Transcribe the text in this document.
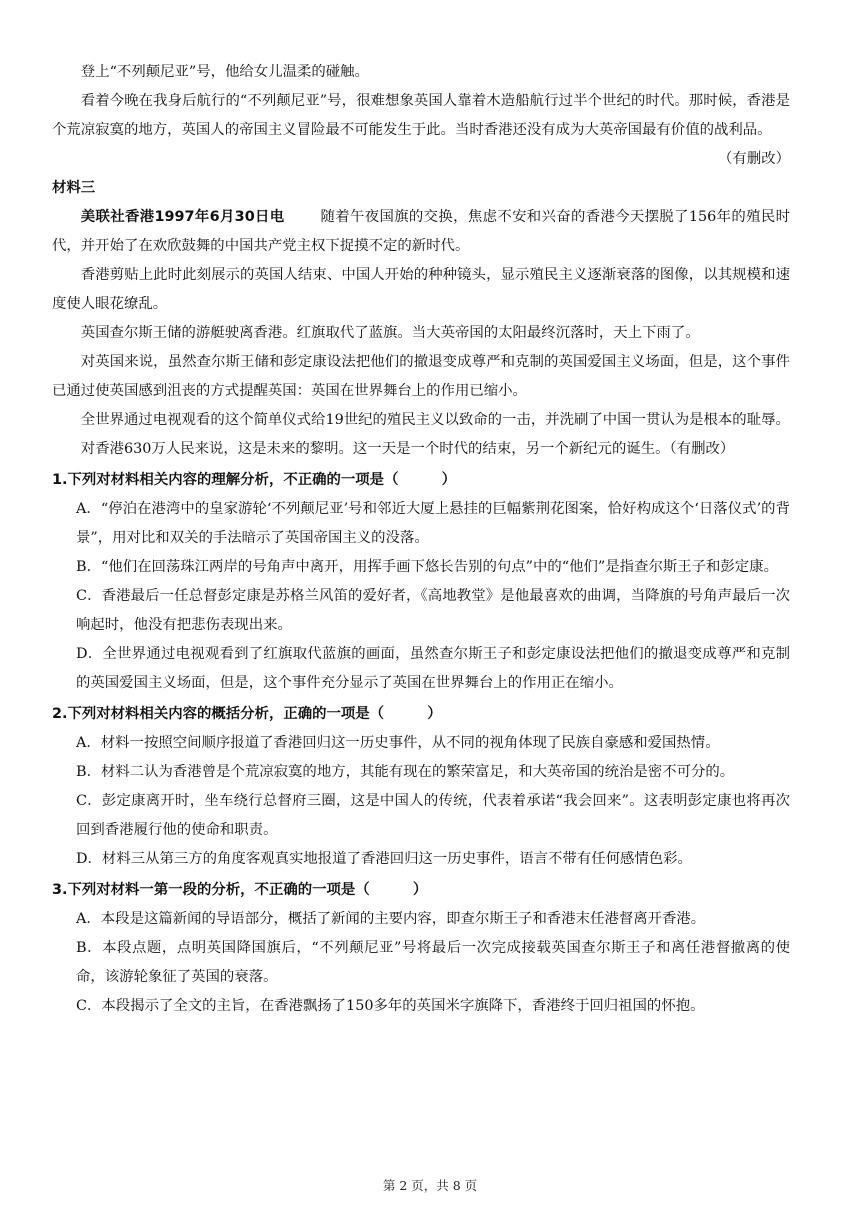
登上“不列颠尼亚”号，他给女儿温柔的碰触。

看着今晚在我身后航行的“不列颠尼亚”号，很难想象英国人靠着木造船航行过半个世纪的时代。那时候，香港是个荒凉寂寞的地方，英国人的帝国主义冒险最不可能发生于此。当时香港还没有成为大英帝国最有价值的战利品。

（有删改）

材料三

美联社香港1997年6月30日电	随着午夜国旗的交换，焦虑不安和兴奋的香港今天摆脱了156年的殖民时代，并开始了在欢欣鼓舞的中国共产党主权下捉摸不定的新时代。

香港剪贴上此时此刻展示的英国人结束、中国人开始的种种镜头，显示殖民主义逐渐衰落的图像，以其规模和速度使人眼花缭乱。

英国查尔斯王储的游艇驶离香港。红旗取代了蓝旗。当大英帝国的太阳最终沉落时，天上下雨了。

对英国来说，虽然查尔斯王储和彭定康设法把他们的撤退变成尊严和克制的英国爱国主义场面，但是，这个事件已通过使英国感到沮丧的方式提醒英国：英国在世界舞台上的作用已缩小。

全世界通过电视观看的这个简单仪式给19世纪的殖民主义以致命的一击，并洗刷了中国一贯认为是根本的耻辱。

对香港630万人民来说，这是未来的黎明。这一天是一个时代的结束，另一个新纪元的诞生。（有删改）

1.下列对材料相关内容的理解分析，不正确的一项是（　　　）

A．“停泊在港湾中的皇家游轮‘不列颠尼亚’号和邻近大厦上悬挂的巨幅紫荆花图案，恰好构成这个‘日落仪式’的背景”，用对比和双关的手法暗示了英国帝国主义的没落。

B．“他们在回荡珠江两岸的号角声中离开，用挥手画下悠长告别的句点”中的“他们”是指查尔斯王子和彭定康。

C．香港最后一任总督彭定康是苏格兰风笛的爱好者，《高地教堂》是他最喜欢的曲调，当降旗的号角声最后一次响起时，他没有把悲伤表现出来。

D．全世界通过电视观看到了红旗取代蓝旗的画面，虽然查尔斯王子和彭定康设法把他们的撤退变成尊严和克制的英国爱国主义场面，但是，这个事件充分显示了英国在世界舞台上的作用正在缩小。

2.下列对材料相关内容的概括分析，正确的一项是（　　　）

A．材料一按照空间顺序报道了香港回归这一历史事件，从不同的视角体现了民族自豪感和爱国热情。

B．材料二认为香港曾是个荒凉寂寞的地方，其能有现在的繁荣富足，和大英帝国的统治是密不可分的。

C．彭定康离开时，坐车绕行总督府三圈，这是中国人的传统，代表着承诺“我会回来”。这表明彭定康也将再次回到香港履行他的使命和职责。

D．材料三从第三方的角度客观真实地报道了香港回归这一历史事件，语言不带有任何感情色彩。

3.下列对材料一第一段的分析，不正确的一项是（　　　）

A．本段是这篇新闻的导语部分，概括了新闻的主要内容，即查尔斯王子和香港末任港督离开香港。

B．本段点题，点明英国降国旗后，“不列颠尼亚”号将最后一次完成接载英国查尔斯王子和离任港督撤离的使命，该游轮象征了英国的衰落。

C．本段揭示了全文的主旨，在香港飘扬了150多年的英国米字旗降下，香港终于回归祖国的怀抱。

第 2 页，共 8 页
